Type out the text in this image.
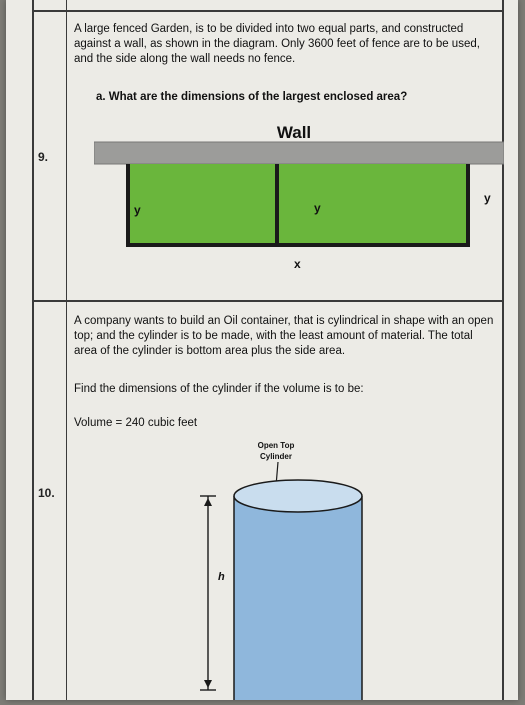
9.
A large fenced Garden, is to be divided into two equal parts, and constructed against a wall, as shown in the diagram. Only 3600 feet of fence are to be used, and the side along the wall needs no fence.
a. What are the dimensions of the largest enclosed area?
Wall
y	y
y
x
10.
A company wants to build an Oil container, that is cylindrical in shape with an open top; and the cylinder is to be made, with the least amount of material. The total area of the cylinder is bottom area plus the side area.
Find the dimensions of the cylinder if the volume is to be:
Volume = 240 cubic feet
Open Top
Cylinder
h
